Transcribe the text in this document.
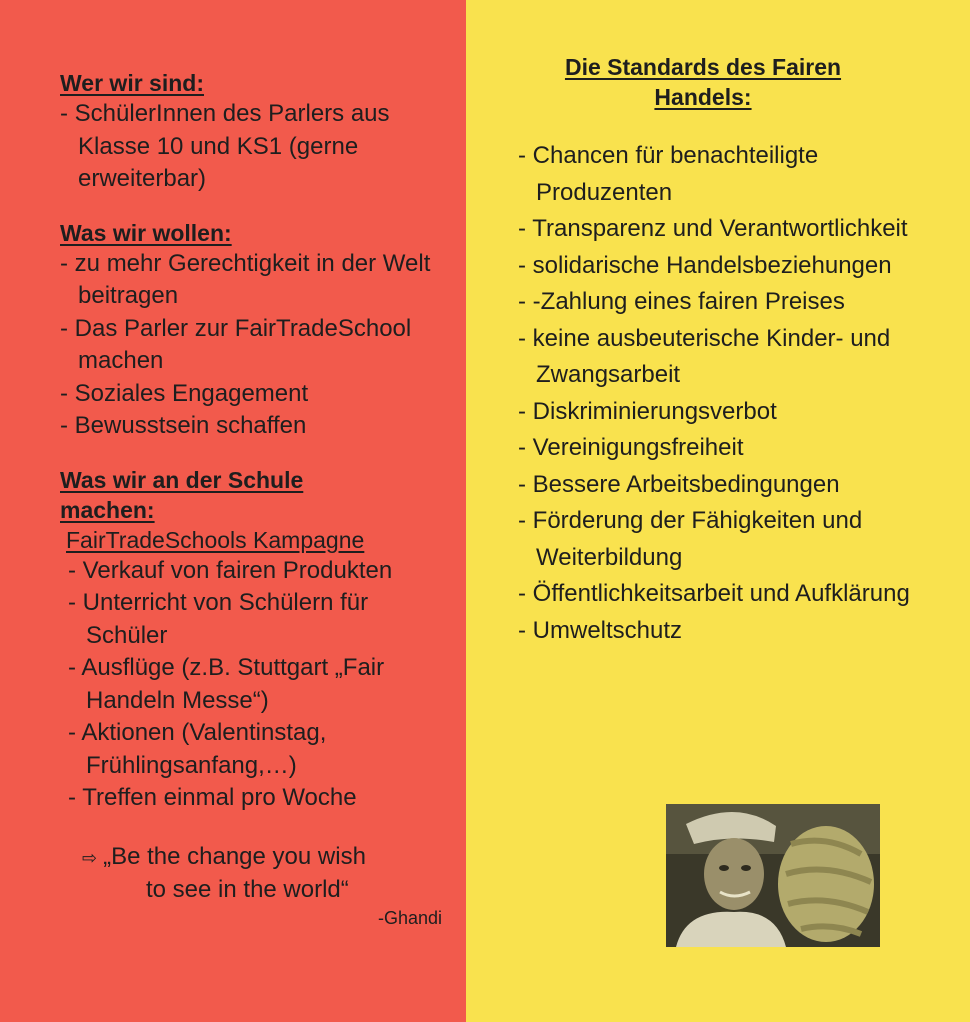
Wer wir sind:
- SchülerInnen des Parlers aus Klasse 10 und KS1 (gerne erweiterbar)
Was wir wollen:
- zu mehr Gerechtigkeit in der Welt beitragen
- Das Parler zur FairTradeSchool machen
- Soziales Engagement
- Bewusstsein schaffen
Was wir an der Schule
machen:
FairTradeSchools Kampagne
- Verkauf von fairen Produkten
- Unterricht von Schülern für Schüler
- Ausflüge (z.B. Stuttgart „Fair Handeln Messe“)
- Aktionen (Valentinstag, Frühlingsanfang,…)
- Treffen einmal pro Woche
⇨ „Be the change you wish
to see in the world“
-Ghandi
Die Standards des Fairen
Handels:
- Chancen für benachteiligte Produzenten
- Transparenz und Verantwortlichkeit
- solidarische Handelsbeziehungen
- -Zahlung eines fairen Preises
- keine ausbeuterische Kinder- und Zwangsarbeit
- Diskriminierungsverbot
- Vereinigungsfreiheit
- Bessere Arbeitsbedingungen
- Förderung der Fähigkeiten und Weiterbildung
- Öffentlichkeitsarbeit und Aufklärung
- Umweltschutz
